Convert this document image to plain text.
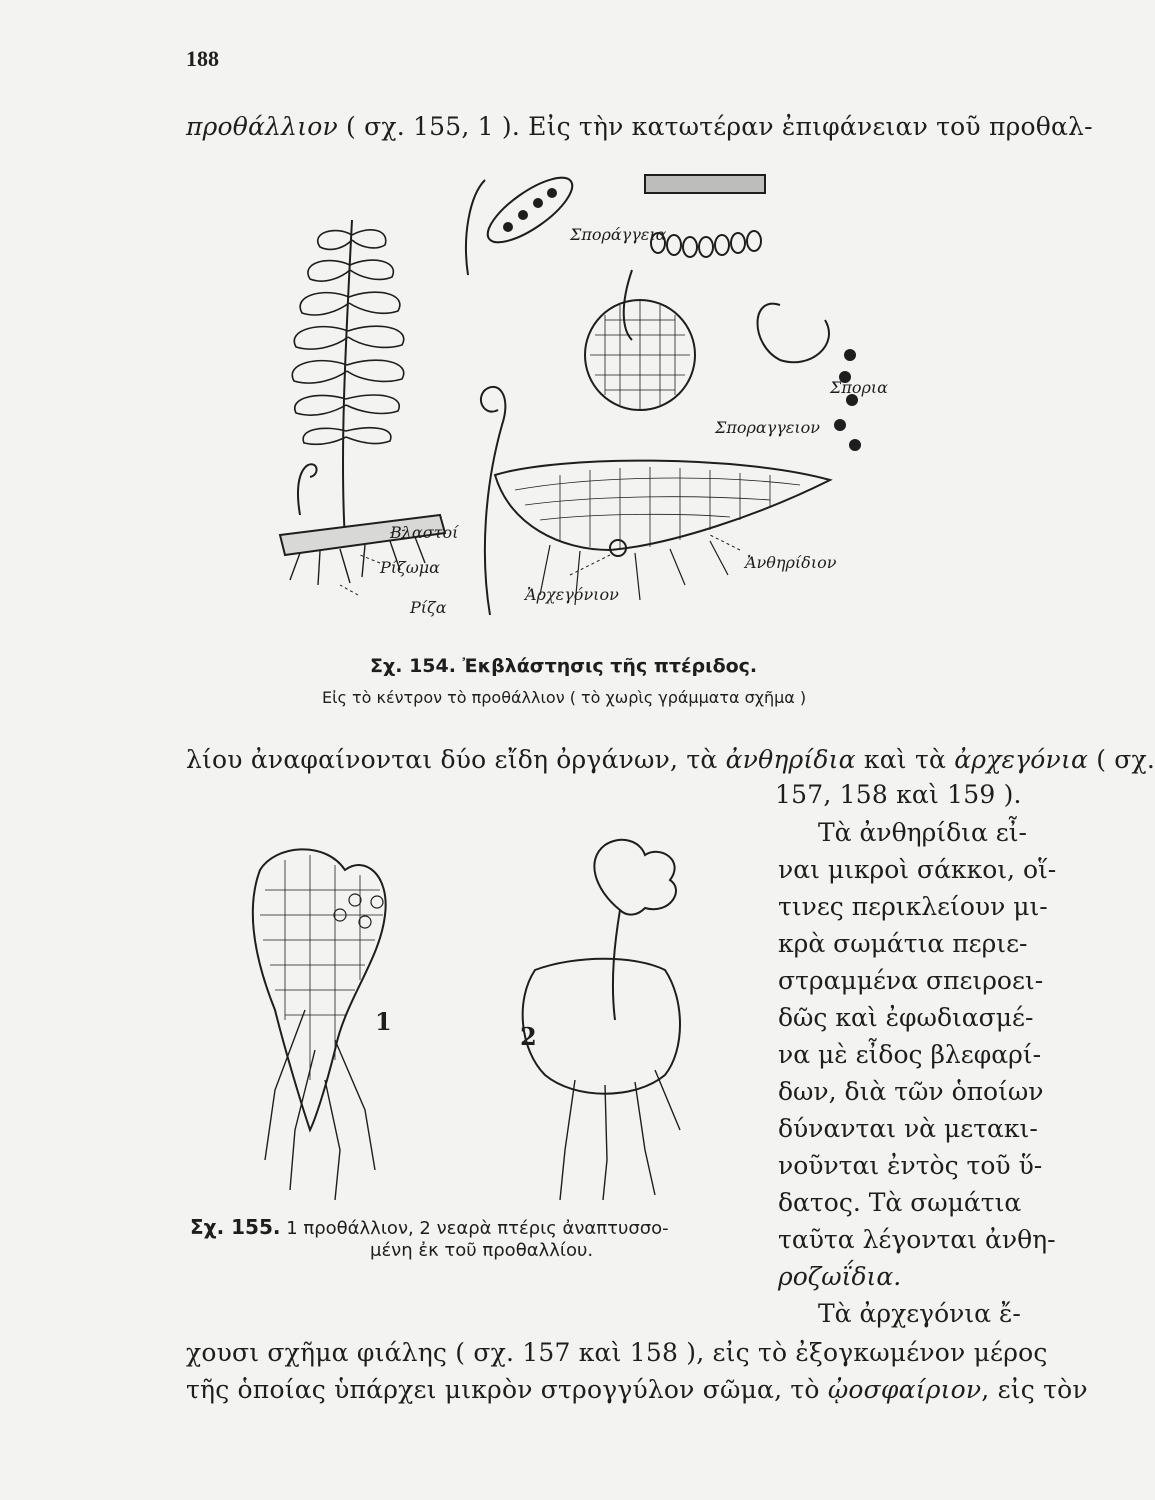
188
προθάλλιον ( σχ. 155, 1 ). Εἰς τὴν κατωτέραν ἐπιφάνειαν τοῦ προθαλ-
Σποράγγεια
Σπορια
Σποραγγειον
Βλαστοί
Ρίζωμα
Ρίζα
Ἀρχεγόνιον
Ἀνθηρίδιον
Σχ. 154. Ἐκβλάστησις τῆς πτέριδος.
Εἰς τὸ κέντρον τὸ προθάλλιον ( τὸ χωρὶς γράμματα σχῆμα )
λίου ἀναφαίνονται δύο εἴδη ὀργάνων, τὰ ἀνθηρίδια καὶ τὰ ἀρχεγόνια ( σχ.
157, 158 καὶ 159 ).
Τὰ ἀνθηρίδια εἶ-
ναι μικροὶ σάκκοι, οἵ-
τινες περικλείουν μι-
κρὰ σωμάτια περιε-
στραμμένα σπειροει-
δῶς καὶ ἐφωδιασμέ-
να μὲ εἶδος βλεφαρί-
δων, διὰ τῶν ὁποίων
δύνανται νὰ μετακι-
νοῦνται ἐντὸς τοῦ ὕ-
δατος. Τὰ σωμάτια
ταῦτα λέγονται ἀνθη-
ροζωΐδια.
Τὰ ἀρχεγόνια ἔ-
1
2
Σχ. 155. 1 προθάλλιον, 2 νεαρὰ πτέρις ἀναπτυσσο-
μένη ἐκ τοῦ προθαλλίου.
χουσι σχῆμα φιάλης ( σχ. 157 καὶ 158 ), εἰς τὸ ἐξογκωμένον μέρος
τῆς ὁποίας ὑπάρχει μικρὸν στρογγύλον σῶμα, τὸ ᾠοσφαίριον, εἰς τὸν
